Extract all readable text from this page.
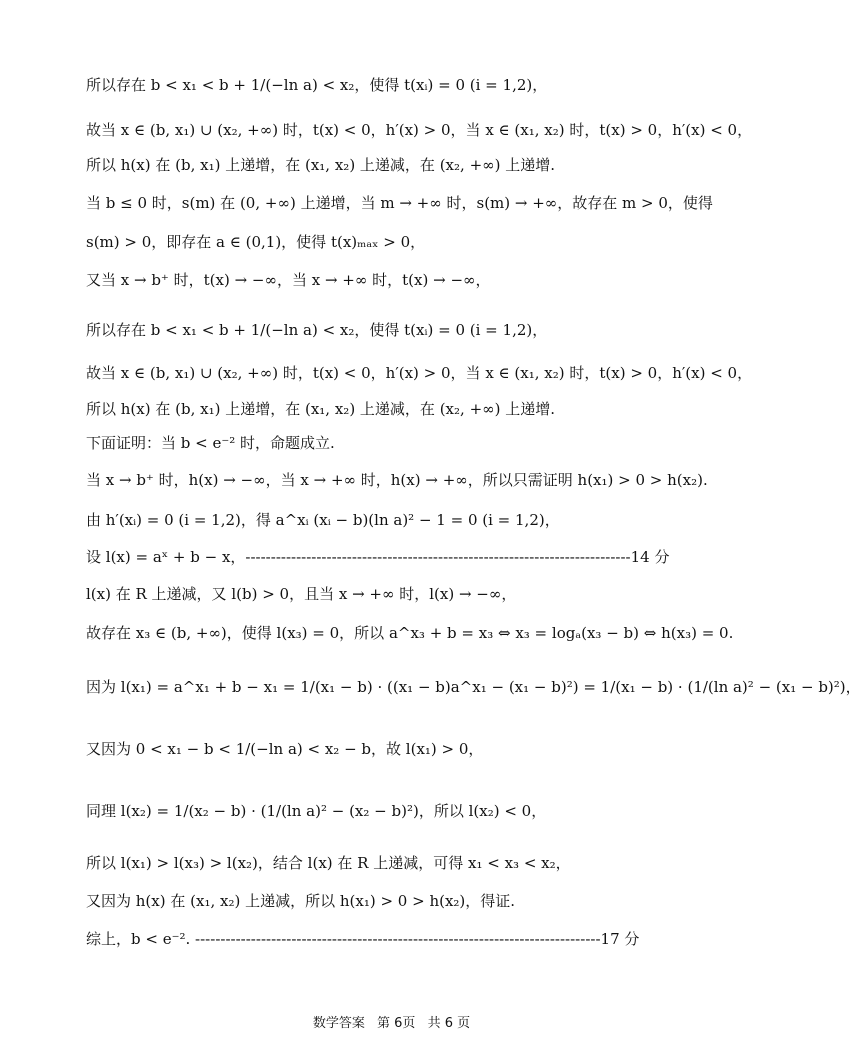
所以存在 b < x₁ < b + 1/(−ln a) < x₂，使得 t(xᵢ) = 0 (i = 1,2)，
故当 x ∈ (b, x₁) ∪ (x₂, +∞) 时，t(x) < 0，h′(x) > 0，当 x ∈ (x₁, x₂) 时，t(x) > 0，h′(x) < 0，
所以 h(x) 在 (b, x₁) 上递增，在 (x₁, x₂) 上递减，在 (x₂, +∞) 上递增.
当 b ≤ 0 时，s(m) 在 (0, +∞) 上递增，当 m → +∞ 时，s(m) → +∞，故存在 m > 0，使得
s(m) > 0，即存在 a ∈ (0,1)，使得 t(x)ₘₐₓ > 0，
又当 x → b⁺ 时，t(x) → −∞，当 x → +∞ 时，t(x) → −∞，
所以存在 b < x₁ < b + 1/(−ln a) < x₂，使得 t(xᵢ) = 0 (i = 1,2)，
故当 x ∈ (b, x₁) ∪ (x₂, +∞) 时，t(x) < 0，h′(x) > 0，当 x ∈ (x₁, x₂) 时，t(x) > 0，h′(x) < 0，
所以 h(x) 在 (b, x₁) 上递增，在 (x₁, x₂) 上递减，在 (x₂, +∞) 上递增.
下面证明：当 b < e⁻² 时，命题成立.
当 x → b⁺ 时，h(x) → −∞，当 x → +∞ 时，h(x) → +∞，所以只需证明 h(x₁) > 0 > h(x₂).
由 h′(xᵢ) = 0 (i = 1,2)，得 a^xᵢ (xᵢ − b)(ln a)² − 1 = 0 (i = 1,2)，
设 l(x) = aˣ + b − x，----------------------------------------------------------------------------14 分
l(x) 在 R 上递减，又 l(b) > 0，且当 x → +∞ 时，l(x) → −∞，
故存在 x₃ ∈ (b, +∞)，使得 l(x₃) = 0，所以 a^x₃ + b = x₃ ⇔ x₃ = logₐ(x₃ − b) ⇔ h(x₃) = 0.
因为 l(x₁) = a^x₁ + b − x₁ = 1/(x₁ − b) · ((x₁ − b)a^x₁ − (x₁ − b)²) = 1/(x₁ − b) · (1/(ln a)² − (x₁ − b)²)，
又因为 0 < x₁ − b < 1/(−ln a) < x₂ − b，故 l(x₁) > 0，
同理 l(x₂) = 1/(x₂ − b) · (1/(ln a)² − (x₂ − b)²)，所以 l(x₂) < 0，
所以 l(x₁) > l(x₃) > l(x₂)，结合 l(x) 在 R 上递减，可得 x₁ < x₃ < x₂，
又因为 h(x) 在 (x₁, x₂) 上递减，所以 h(x₁) > 0 > h(x₂)，得证.
综上，b < e⁻². --------------------------------------------------------------------------------17 分
数学答案 第 6页 共 6 页
